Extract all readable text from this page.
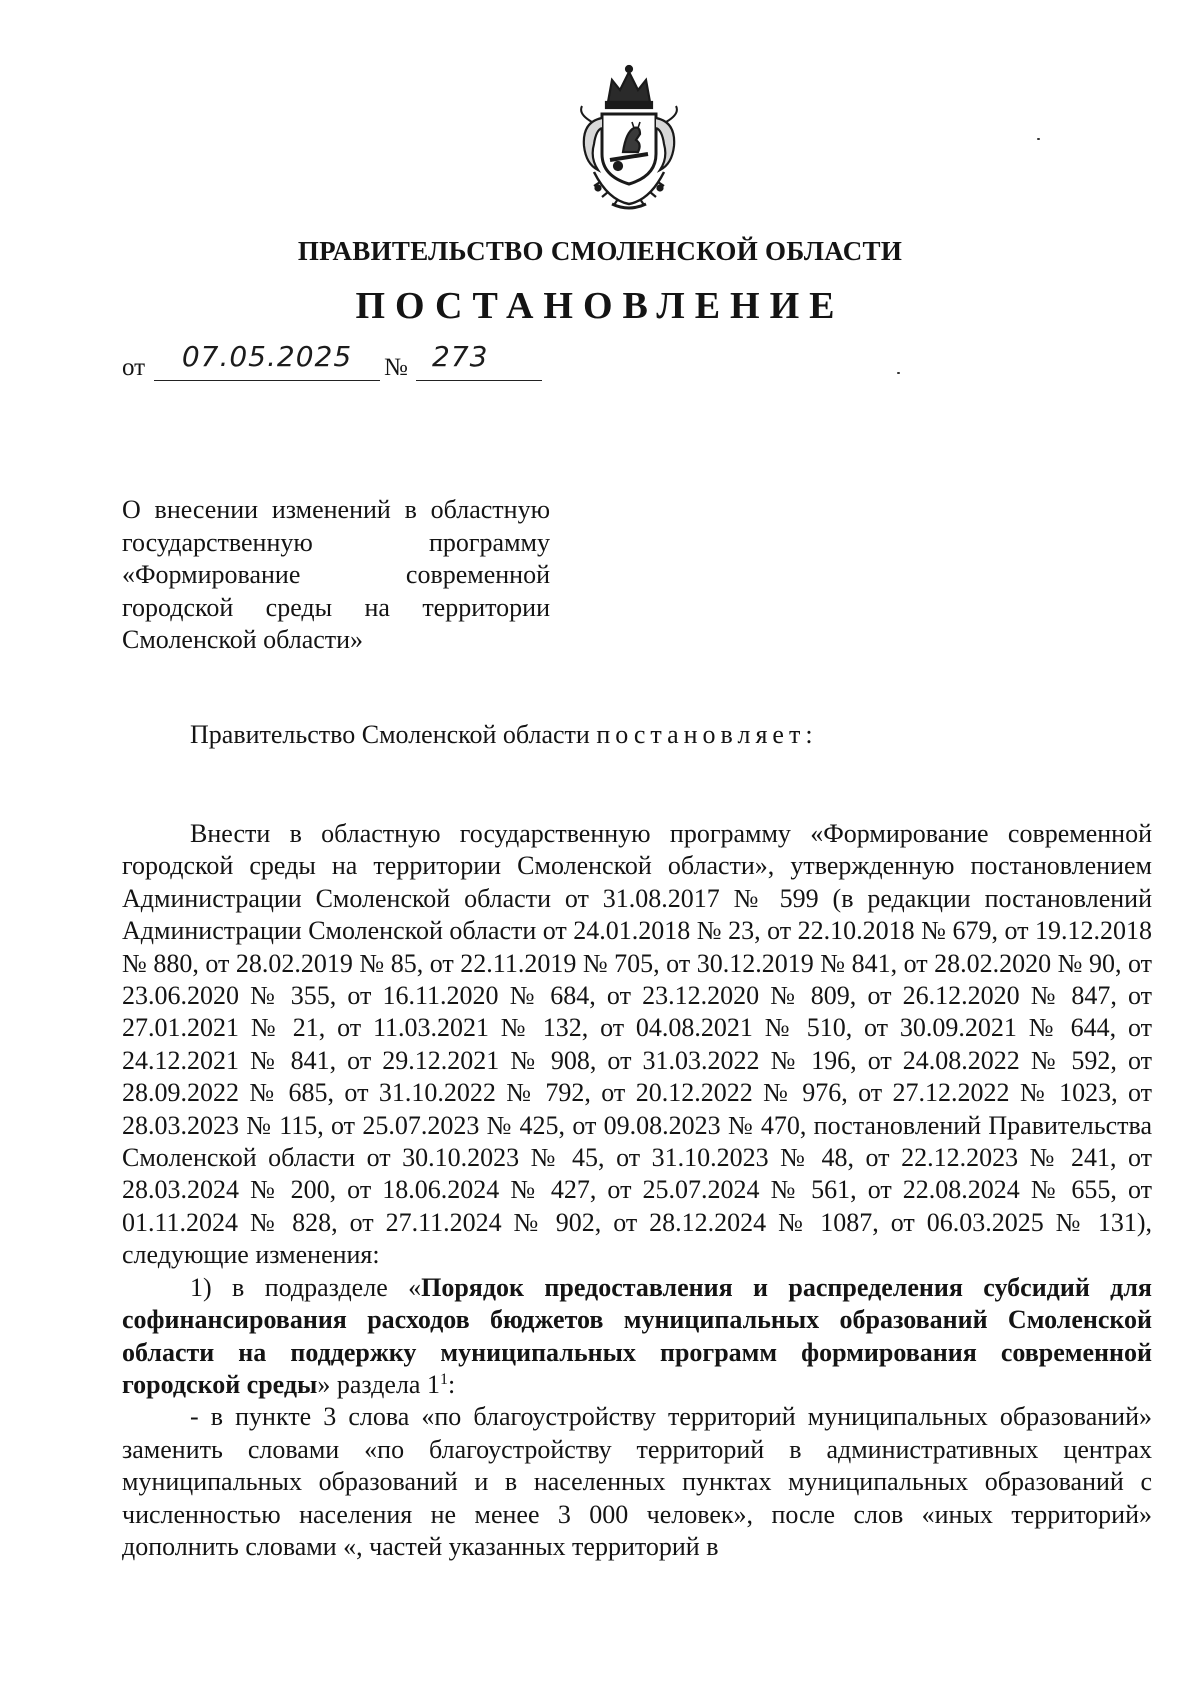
ПРАВИТЕЛЬСТВО СМОЛЕНСКОЙ ОБЛАСТИ
ПОСТАНОВЛЕНИЕ
от	07.05.2025	№ 273
О внесении изменений в областную
государственную программу
«Формирование современной
городской среды на территории
Смоленской области»
Правительство Смоленской области постановляет:

Внести в областную государственную программу «Формирование современной городской среды на территории Смоленской области», утвержденную постановлением Администрации Смоленской области от 31.08.2017 № 599 (в редакции постановлений Администрации Смоленской области от 24.01.2018 № 23, от 22.10.2018 № 679, от 19.12.2018 № 880, от 28.02.2019 № 85, от 22.11.2019 № 705, от 30.12.2019 № 841, от 28.02.2020 № 90, от 23.06.2020 № 355, от 16.11.2020 № 684, от 23.12.2020 № 809, от 26.12.2020 № 847, от 27.01.2021 № 21, от 11.03.2021 № 132, от 04.08.2021 № 510, от 30.09.2021 № 644, от 24.12.2021 № 841, от 29.12.2021 № 908, от 31.03.2022 № 196, от 24.08.2022 № 592, от 28.09.2022 № 685, от 31.10.2022 № 792, от 20.12.2022 № 976, от 27.12.2022 № 1023, от 28.03.2023 № 115, от 25.07.2023 № 425, от 09.08.2023 № 470, постановлений Правительства Смоленской области от 30.10.2023 № 45, от 31.10.2023 № 48, от 22.12.2023 № 241, от 28.03.2024 № 200, от 18.06.2024 № 427, от 25.07.2024 № 561, от 22.08.2024 № 655, от 01.11.2024 № 828, от 27.11.2024 № 902, от 28.12.2024 № 1087, от 06.03.2025 № 131), следующие изменения:

1) в подразделе «Порядок предоставления и распределения субсидий для софинансирования расходов бюджетов муниципальных образований Смоленской области на поддержку муниципальных программ формирования современной городской среды» раздела $1^1$:

- в пункте 3 слова «по благоустройству территорий муниципальных образований» заменить словами «по благоустройству территорий в административных центрах муниципальных образований и в населенных пунктах муниципальных образований с численностью населения не менее 3 000 человек», после слов «иных территорий» дополнить словами «, частей указанных территорий в
